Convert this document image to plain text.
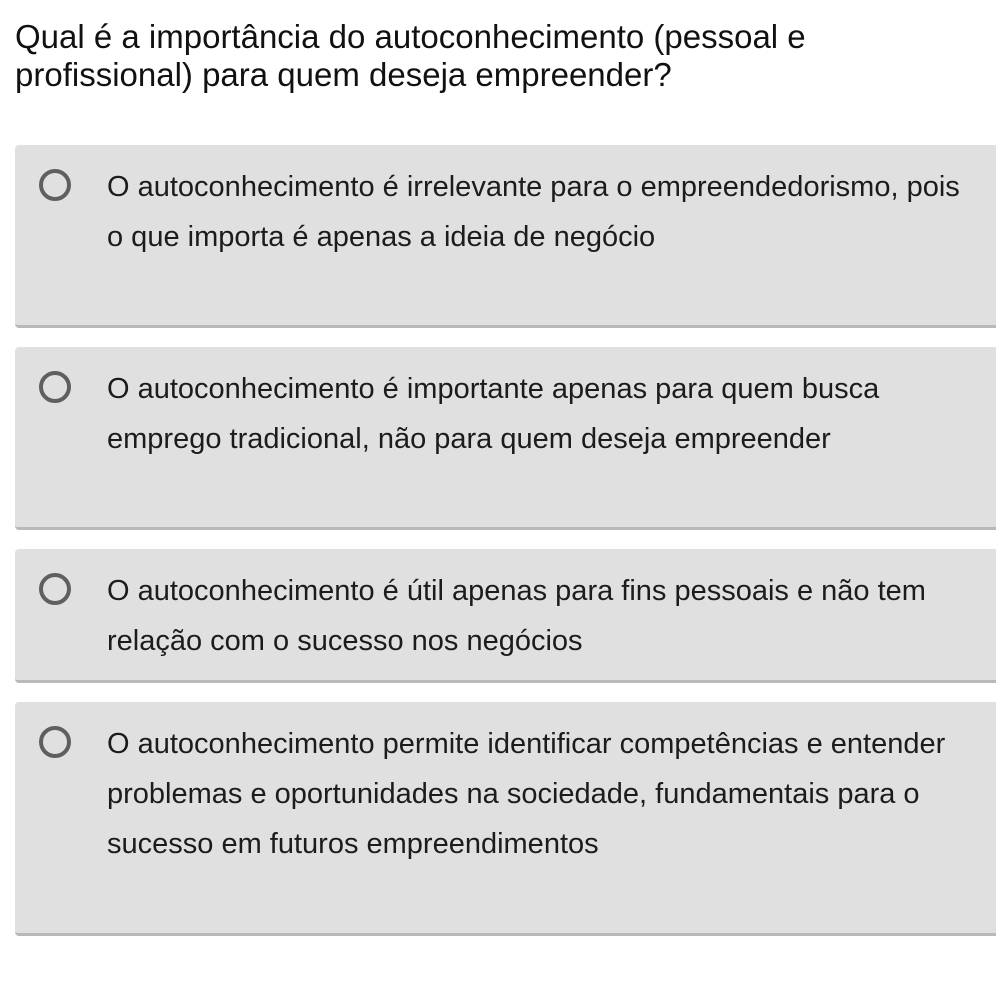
Qual é a importância do autoconhecimento (pessoal e profissional) para quem deseja empreender?
O autoconhecimento é irrelevante para o empreendedorismo, pois o que importa é apenas a ideia de negócio
O autoconhecimento é importante apenas para quem busca emprego tradicional, não para quem deseja empreender
O autoconhecimento é útil apenas para fins pessoais e não tem relação com o sucesso nos negócios
O autoconhecimento permite identificar competências e entender problemas e oportunidades na sociedade, fundamentais para o sucesso em futuros empreendimentos
